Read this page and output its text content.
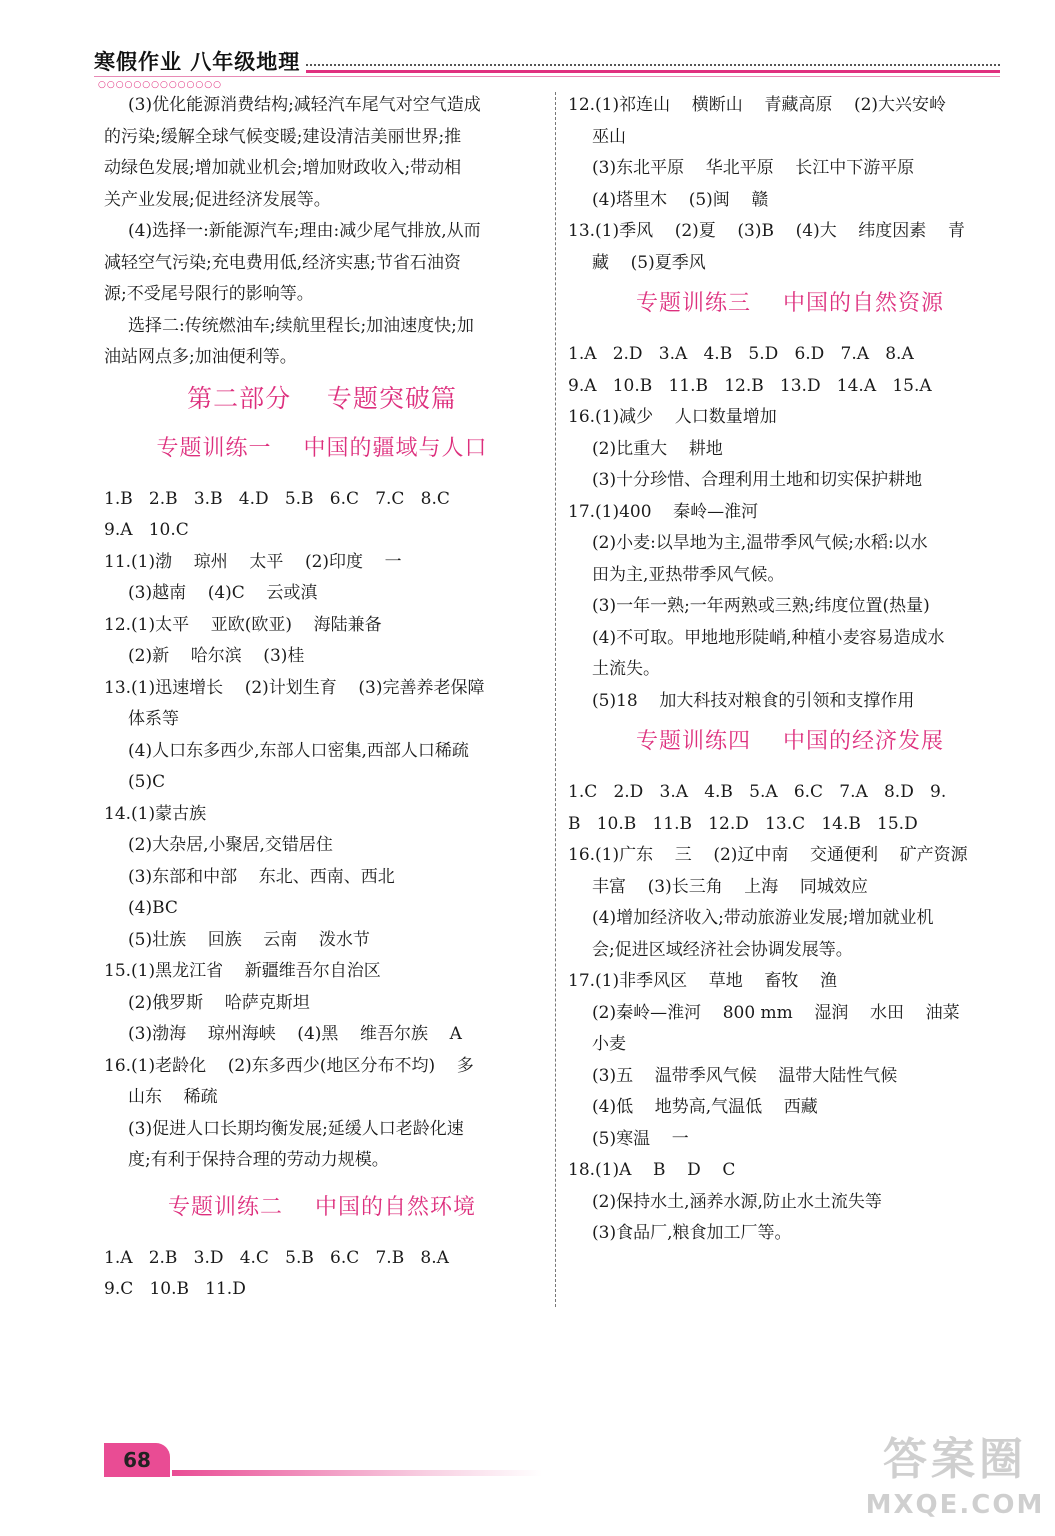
寒假作业 八年级地理
○○○○○○○○○○○○○○
(3)优化能源消费结构;减轻汽车尾气对空气造成
的污染;缓解全球气候变暖;建设清洁美丽世界;推
动绿色发展;增加就业机会;增加财政收入;带动相
关产业发展;促进经济发展等。
(4)选择一:新能源汽车;理由:减少尾气排放,从而
减轻空气污染;充电费用低,经济实惠;节省石油资
源;不受尾号限行的影响等。
选择二:传统燃油车;续航里程长;加油速度快;加
油站网点多;加油便利等。
第二部分    专题突破篇
专题训练一    中国的疆域与人口
1.B   2.B   3.B   4.D   5.B   6.C   7.C   8.C
9.A   10.C
11.(1)渤    琼州    太平    (2)印度    一
(3)越南    (4)C    云或滇
12.(1)太平    亚欧(欧亚)    海陆兼备
(2)新    哈尔滨    (3)桂
13.(1)迅速增长    (2)计划生育    (3)完善养老保障
体系等
(4)人口东多西少,东部人口密集,西部人口稀疏
(5)C
14.(1)蒙古族
(2)大杂居,小聚居,交错居住
(3)东部和中部    东北、西南、西北
(4)BC
(5)壮族    回族    云南    泼水节
15.(1)黑龙江省    新疆维吾尔自治区
(2)俄罗斯    哈萨克斯坦
(3)渤海    琼州海峡    (4)黑    维吾尔族    A
16.(1)老龄化    (2)东多西少(地区分布不均)    多
山东    稀疏
(3)促进人口长期均衡发展;延缓人口老龄化速
度;有利于保持合理的劳动力规模。
专题训练二    中国的自然环境
1.A   2.B   3.D   4.C   5.B   6.C   7.B   8.A
9.C   10.B   11.D
12.(1)祁连山    横断山    青藏高原    (2)大兴安岭
巫山
(3)东北平原    华北平原    长江中下游平原
(4)塔里木    (5)闽    赣
13.(1)季风    (2)夏    (3)B    (4)大    纬度因素    青
藏    (5)夏季风
专题训练三    中国的自然资源
1.A   2.D   3.A   4.B   5.D   6.D   7.A   8.A
9.A   10.B   11.B   12.B   13.D   14.A   15.A
16.(1)减少    人口数量增加
(2)比重大    耕地
(3)十分珍惜、合理利用土地和切实保护耕地
17.(1)400    秦岭—淮河
(2)小麦:以旱地为主,温带季风气候;水稻:以水
田为主,亚热带季风气候。
(3)一年一熟;一年两熟或三熟;纬度位置(热量)
(4)不可取。甲地地形陡峭,种植小麦容易造成水
土流失。
(5)18    加大科技对粮食的引领和支撑作用
专题训练四    中国的经济发展
1.C   2.D   3.A   4.B   5.A   6.C   7.A   8.D   9.
B   10.B   11.B   12.D   13.C   14.B   15.D
16.(1)广东    三    (2)辽中南    交通便利    矿产资源
丰富    (3)长三角    上海    同城效应
(4)增加经济收入;带动旅游业发展;增加就业机
会;促进区域经济社会协调发展等。
17.(1)非季风区    草地    畜牧    渔
(2)秦岭—淮河    800 mm    湿润    水田    油菜
小麦
(3)五    温带季风气候    温带大陆性气候
(4)低    地势高,气温低    西藏
(5)寒温    一
18.(1)A    B    D    C
(2)保持水土,涵养水源,防止水土流失等
(3)食品厂,粮食加工厂等。
68	答案圈
MXQE.COM
